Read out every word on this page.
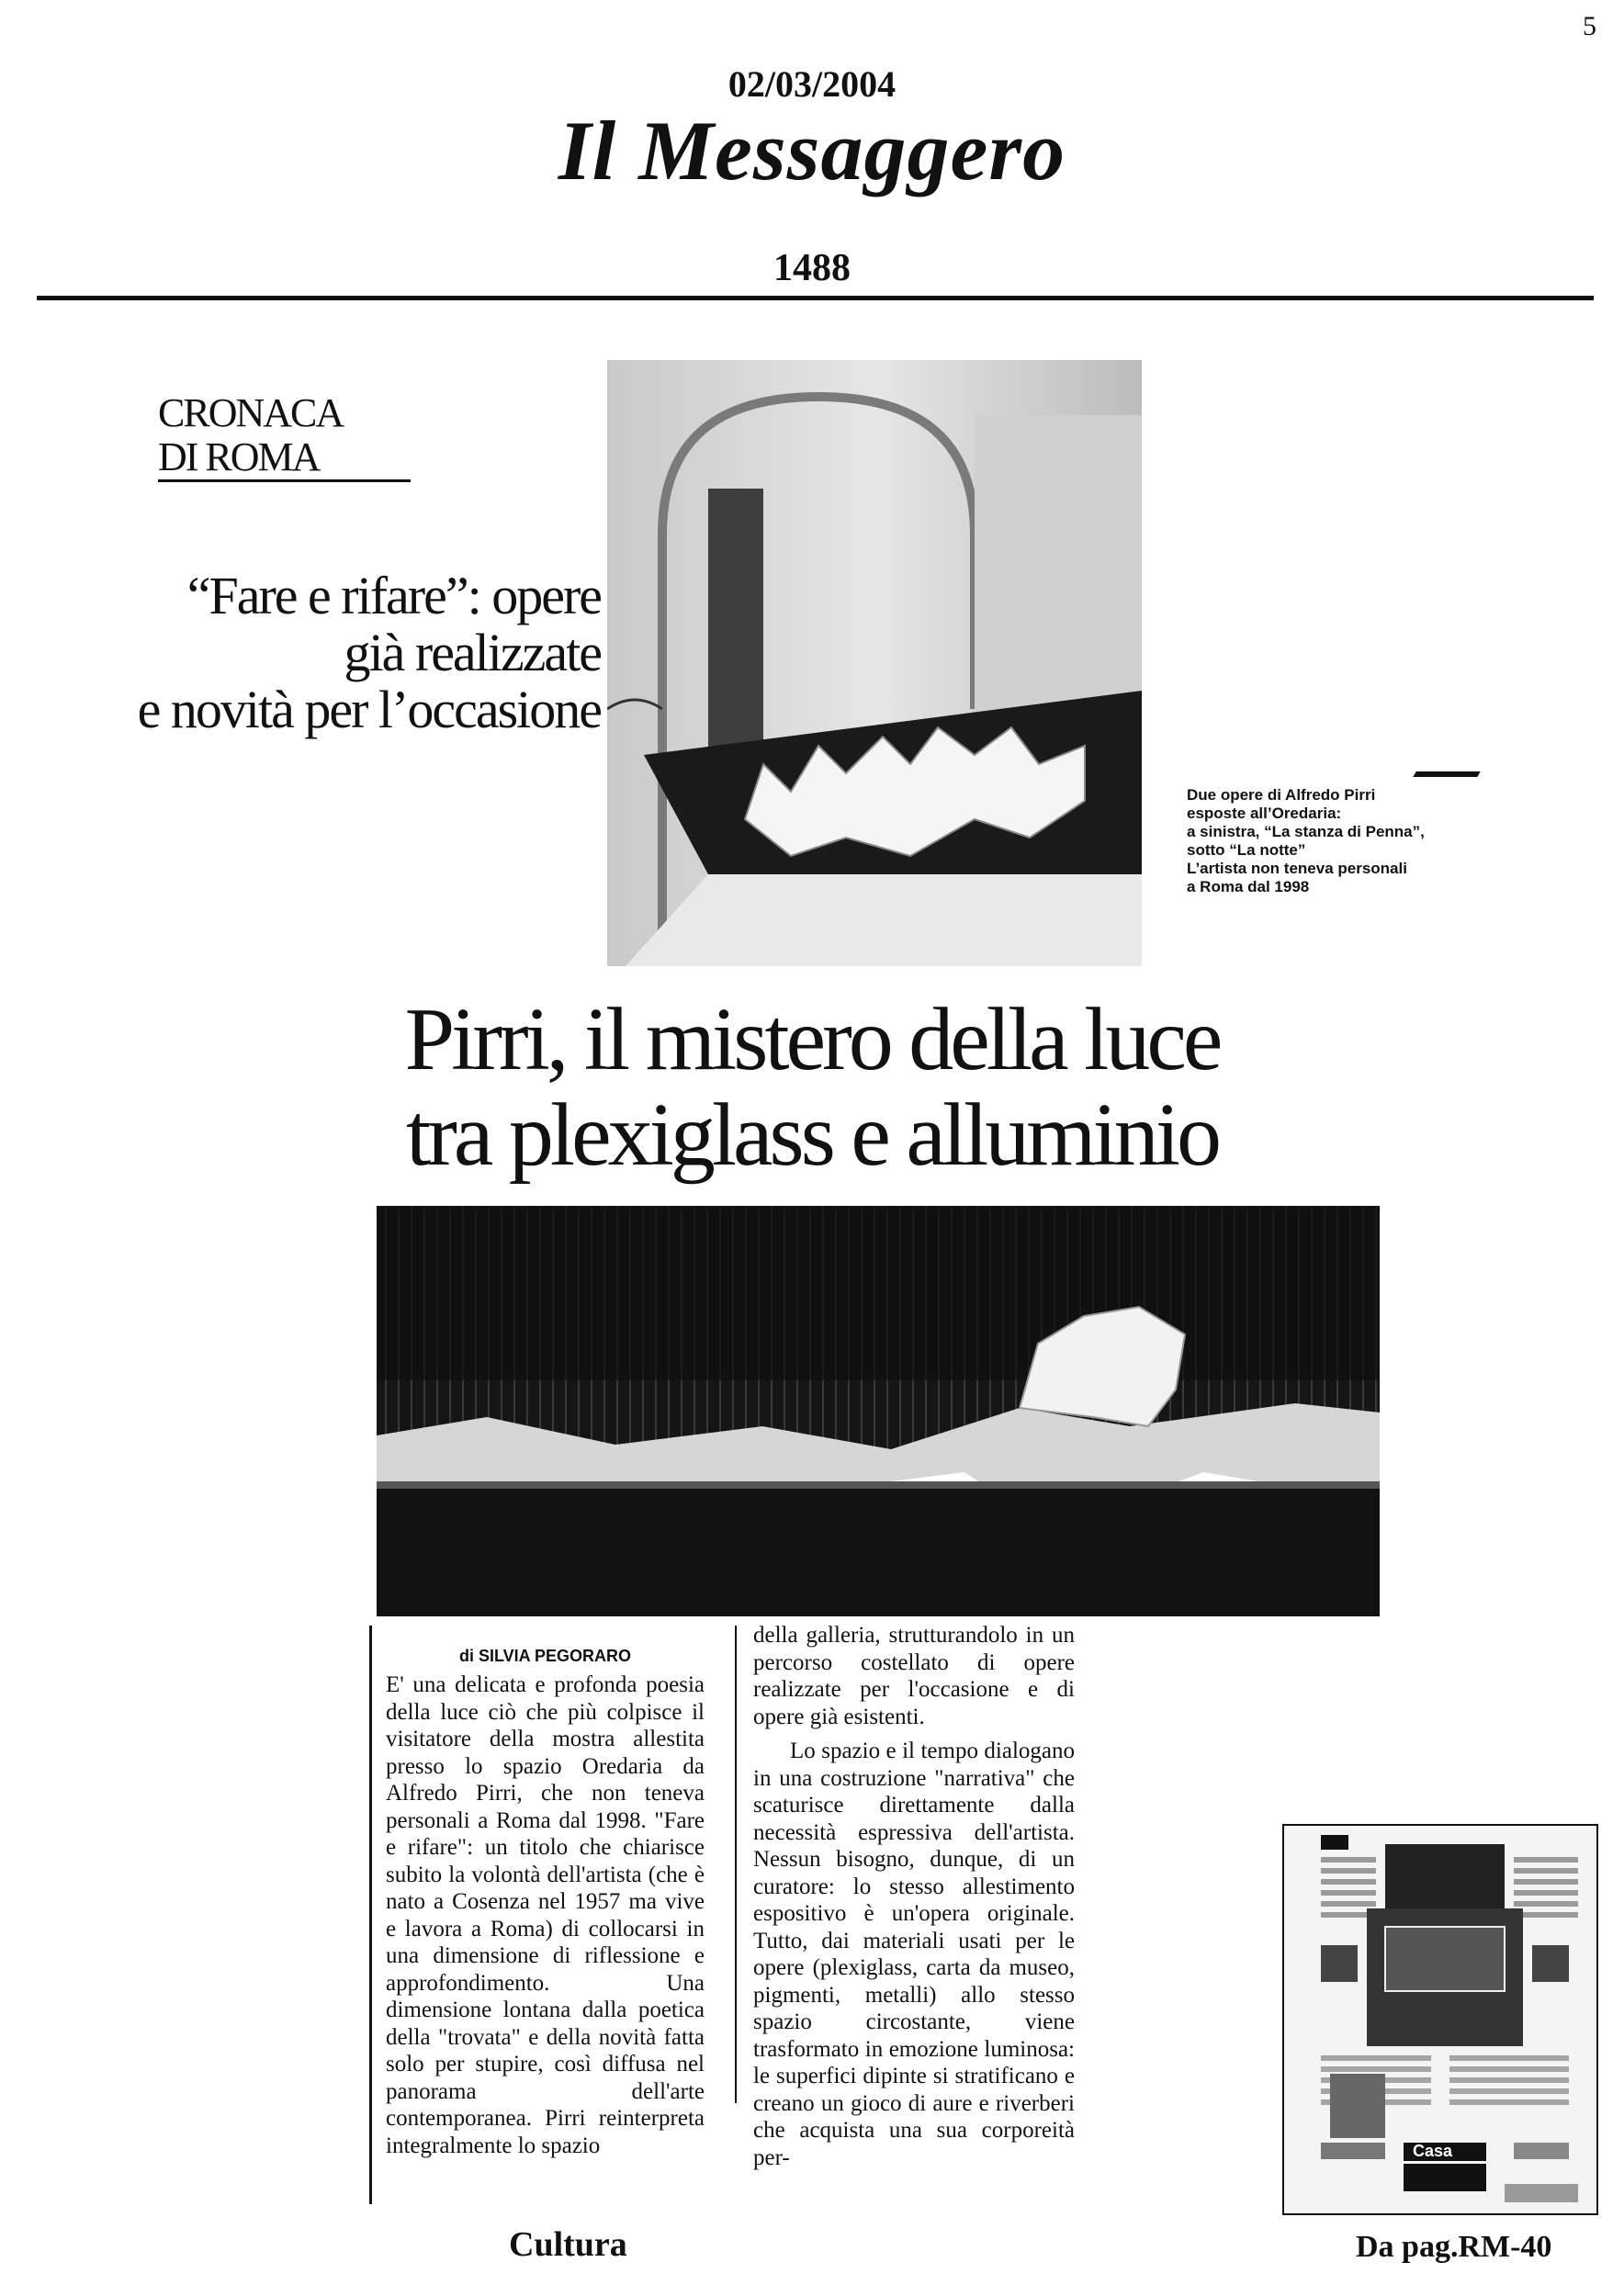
5
02/03/2004
Il Messaggero
1488
CRONACA
DI ROMA
“Fare e rifare”: opere
già realizzate
e novità per l’occasione
Due opere di Alfredo Pirri
esposte all’Oredaria:
a sinistra, “La stanza di Penna”,
sotto “La notte”
L’artista non teneva personali
a Roma dal 1998
Pirri, il mistero della luce
tra plexiglass e alluminio
di SILVIA PEGORARO
E' una delicata e profonda poesia della luce ciò che più colpisce il visitatore della mostra allestita presso lo spazio Oredaria da Alfredo Pirri, che non teneva personali a Roma dal 1998. "Fare e rifare": un titolo che chiarisce subito la volontà dell'artista (che è nato a Cosenza nel 1957 ma vive e lavora a Roma) di collocarsi in una dimensione di riflessione e approfondimento. Una dimensione lontana dalla poetica della "trovata" e della novità fatta solo per stupire, così diffusa nel panorama dell'arte contemporanea. Pirri reinterpreta integralmente lo spazio

della galleria, strutturandolo in un percorso costellato di opere realizzate per l'occasione e di opere già esistenti.

Lo spazio e il tempo dialogano in una costruzione "narrativa" che scaturisce direttamente dalla necessità espressiva dell'artista. Nessun bisogno, dunque, di un curatore: lo stesso allestimento espositivo è un'opera originale. Tutto, dai materiali usati per le opere (plexiglass, carta da museo, pigmenti, metalli) allo stesso spazio circostante, viene trasformato in emozione luminosa: le superfici dipinte si stratificano e creano un gioco di aure e riverberi che acquista una sua corporeità per-

Cultura	Da pag.RM-40
Casa
